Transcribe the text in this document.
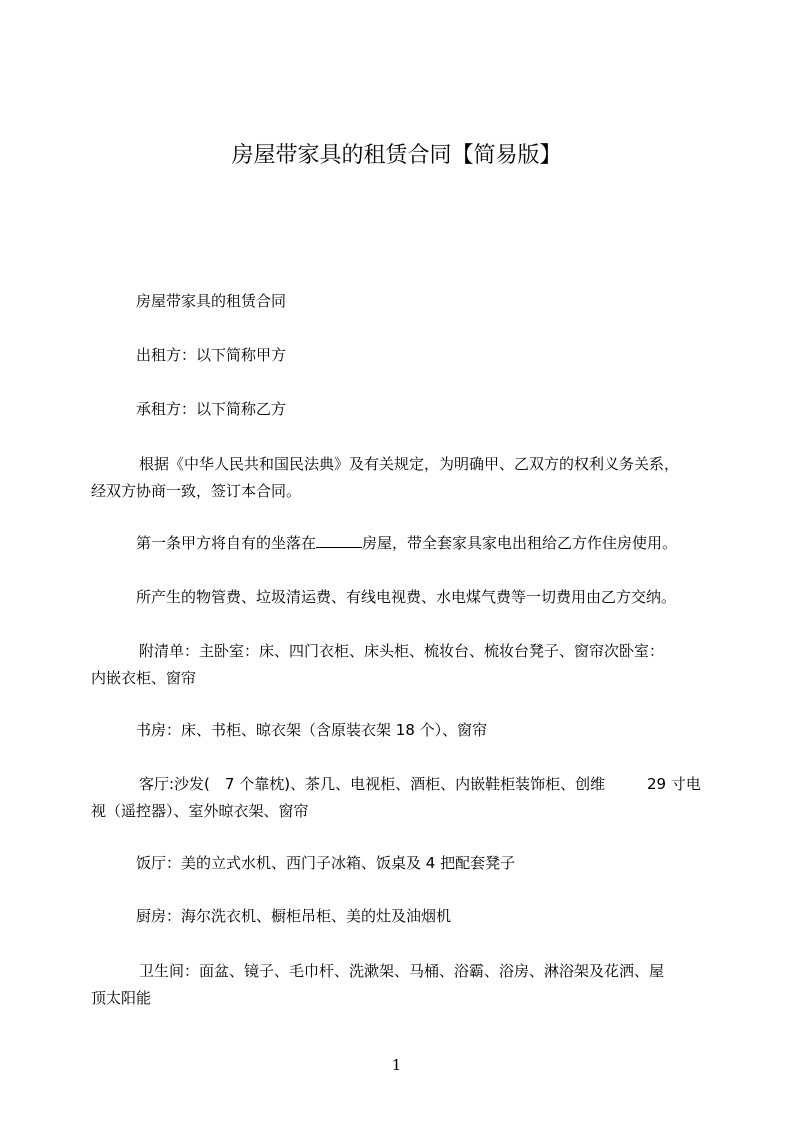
房屋带家具的租赁合同【简易版】
房屋带家具的租赁合同
出租方：以下简称甲方
承租方：以下简称乙方
根据《中华人民共和国民法典》及有关规定，为明确甲、乙双方的权利义务关系，
经双方协商一致，签订本合同。
第一条甲方将自有的坐落在	房屋，带全套家具家电出租给乙方作住房使用。
所产生的物管费、垃圾清运费、有线电视费、水电煤气费等一切费用由乙方交纳。
附清单：主卧室：床、四门衣柜、床头柜、梳妆台、梳妆台凳子、窗帘次卧室：
内嵌衣柜、窗帘
书房：床、书柜、晾衣架（含原装衣架 18 个）、窗帘
客厅:沙发(　7 个靠枕)、茶几、电视柜、酒柜、内嵌鞋柜装饰柜、创维	29 寸电
视（遥控器）、室外晾衣架、窗帘
饭厅：美的立式水机、西门子冰箱、饭桌及 4 把配套凳子
厨房：海尔洗衣机、橱柜吊柜、美的灶及油烟机
卫生间：面盆、镜子、毛巾杆、洗漱架、马桶、浴霸、浴房、淋浴架及花洒、屋
顶太阳能
1
